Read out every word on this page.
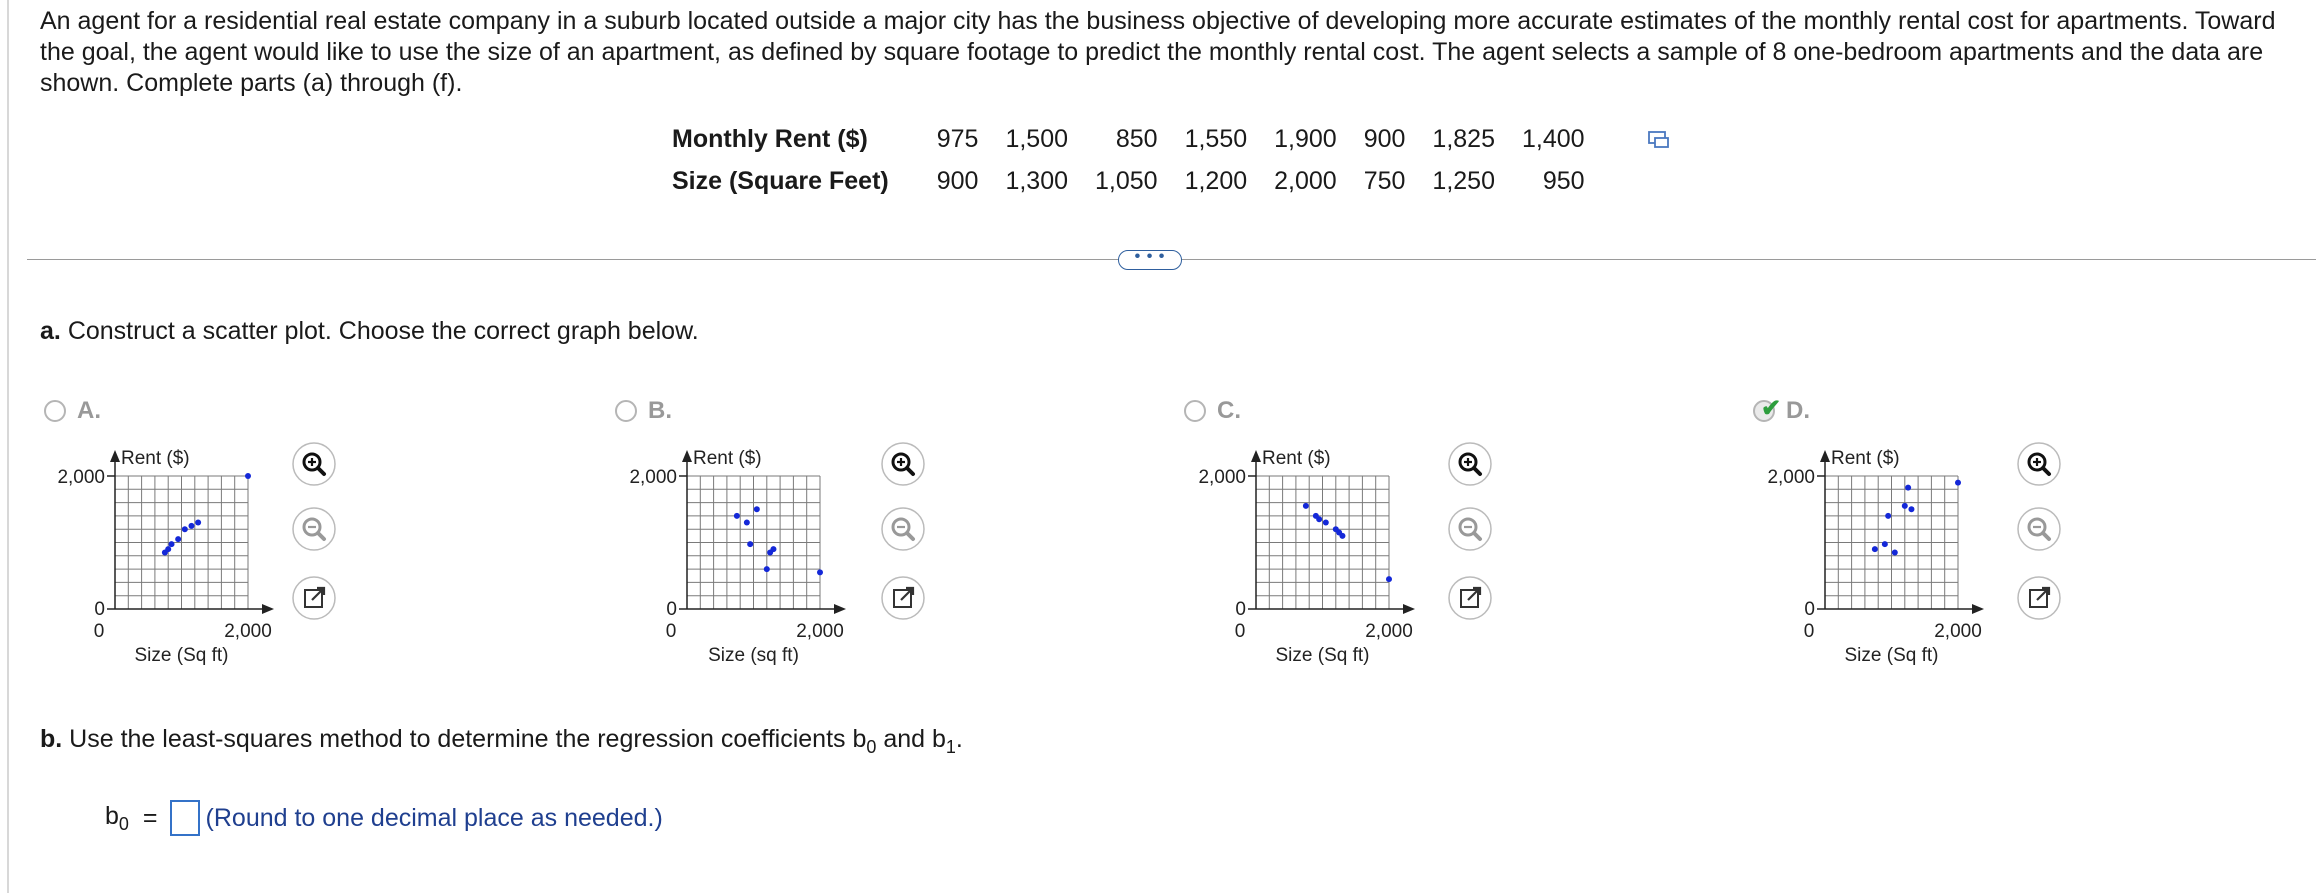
An agent for a residential real estate company in a suburb located outside a major city has the business objective of developing more accurate estimates of the monthly rental cost for apartments. Toward the goal, the agent would like to use the size of an apartment, as defined by square footage to predict the monthly rental cost. The agent selects a sample of 8 one-bedroom apartments and the data are shown. Complete parts (a) through (f).
Monthly Rent ($)	975	1,500	850	1,550	1,900	900	1,825	1,400
Size (Square Feet)	900	1,300	1,050	1,200	2,000	750	1,250	950
• • •
a. Construct a scatter plot. Choose the correct graph below.
A.	B.	C.	✔ D.
Rent ($)
2,000
0
0	2,000
Size (Sq ft)
Rent ($)
2,000
0
0	2,000
Size (sq ft)
Rent ($)
2,000
0
0	2,000
Size (Sq ft)
Rent ($)
2,000
0
0	2,000
Size (Sq ft)
b. Use the least-squares method to determine the regression coefficients $b_0$ and $b_1$.
$b_0$ = (Round to one decimal place as needed.)
